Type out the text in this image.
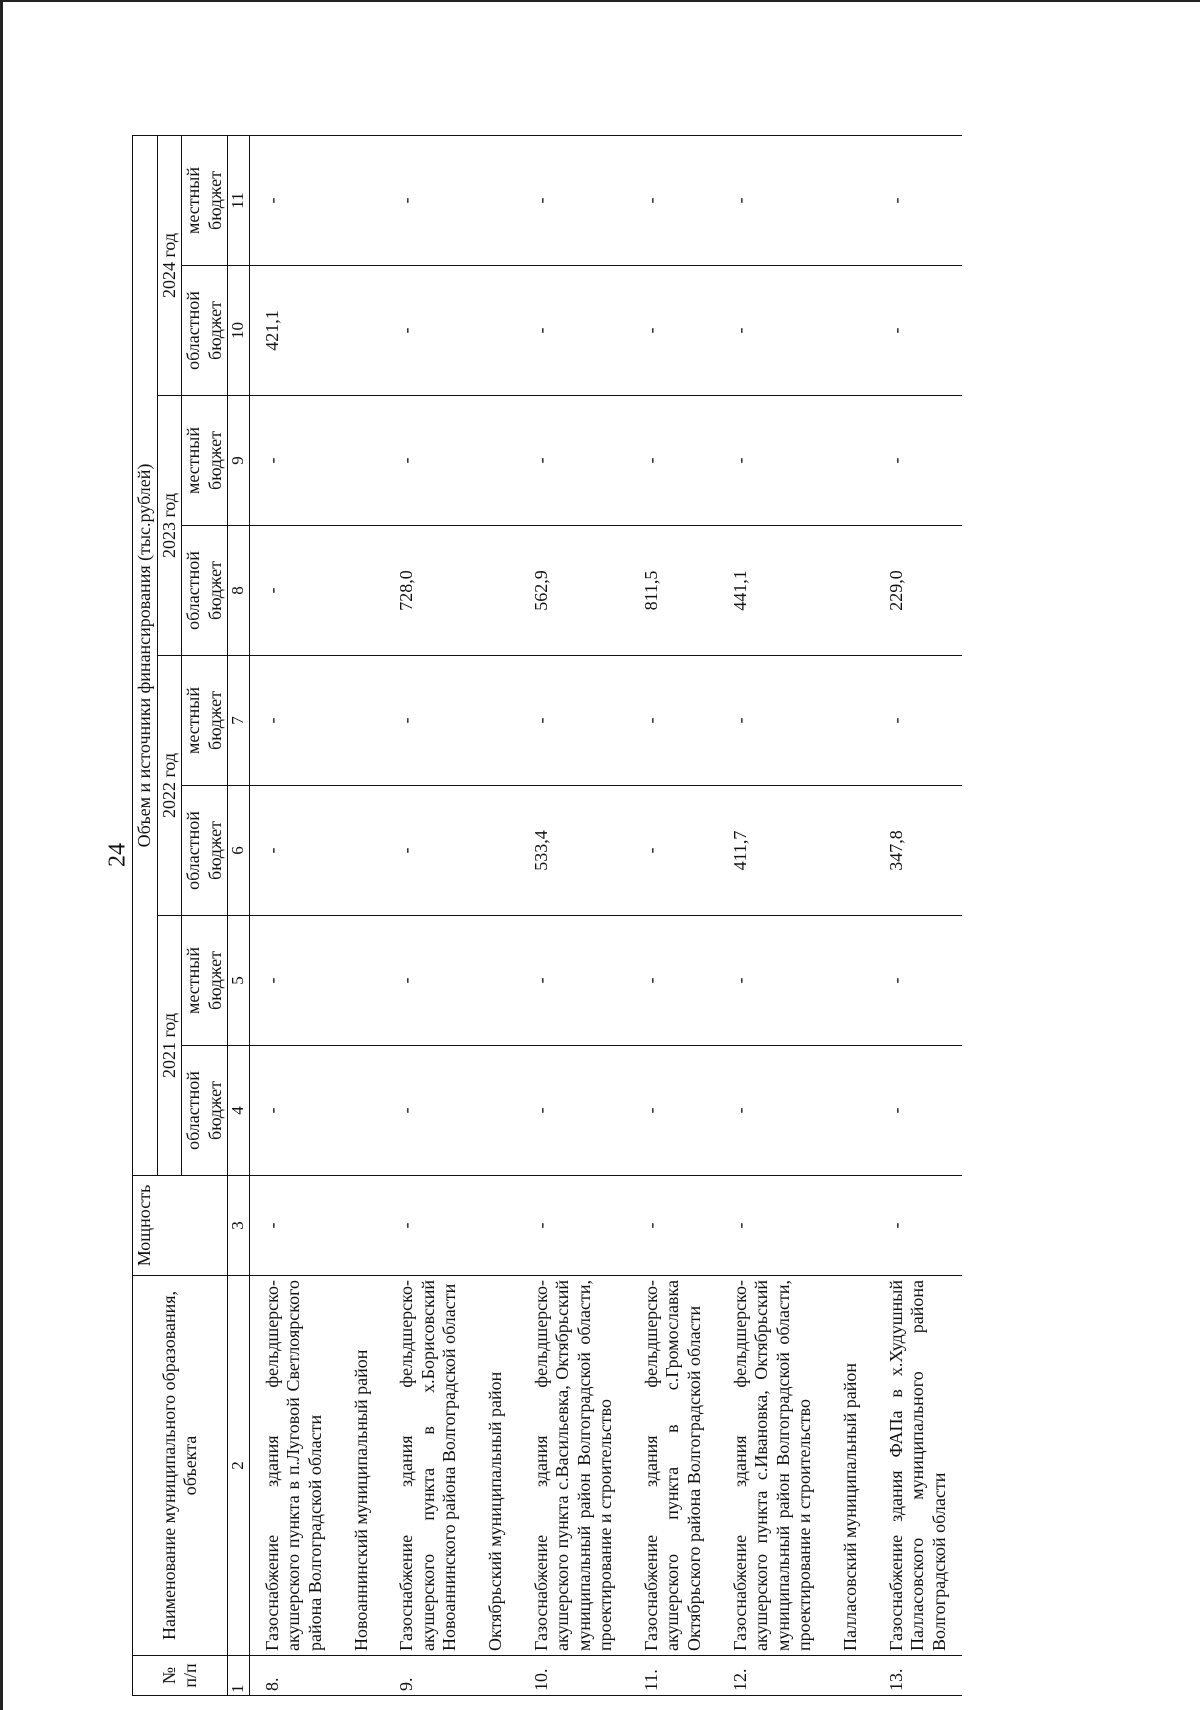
24
№ п/п	Наименование муниципального образования, объекта	Мощность	Объем и источники финансирования (тыс.рублей)							
			2021 год		2022 год		2023 год		2024 год	
			областной бюджет	местный бюджет	областной бюджет	местный бюджет	областной бюджет	местный бюджет	областной бюджет	местный бюджет
1	2	3	4	5	6	7	8	9	10	11
8.	Газоснабжение здания фельдшерско-акушерского пункта в п.Луговой Светлоярского района Волгоградской области	-	-	-	-	-	-	-	421,1	-
	Новоаннинский муниципальный район									
9.	Газоснабжение здания фельдшерско-акушерского пункта в х.Борисовский Новоаннинского района Волгоградской области	-	-	-	-	-	728,0	-	-	-
	Октябрьский муниципальный район									
10.	Газоснабжение здания фельдшерско-акушерского пункта с.Васильевка, Октябрьский муниципальный район Волгоградской области, проектирование и строительство	-	-	-	533,4	-	562,9	-	-	-
11.	Газоснабжение здания фельдшерско-акушерского пункта в с.Громославка Октябрьского района Волгоградской области	-	-	-	-	-	811,5	-	-	-
12.	Газоснабжение здания фельдшерско-акушерского пункта с.Ивановка, Октябрьский муниципальный район Волгоградской области, проектирование и строительство	-	-	-	411,7	-	441,1	-	-	-
	Палласовский муниципальный район									
13.	Газоснабжение здания ФАПа в х.Худушный Палласовского муниципального района Волгоградской области	-	-	-	347,8	-	229,0	-	-	-
